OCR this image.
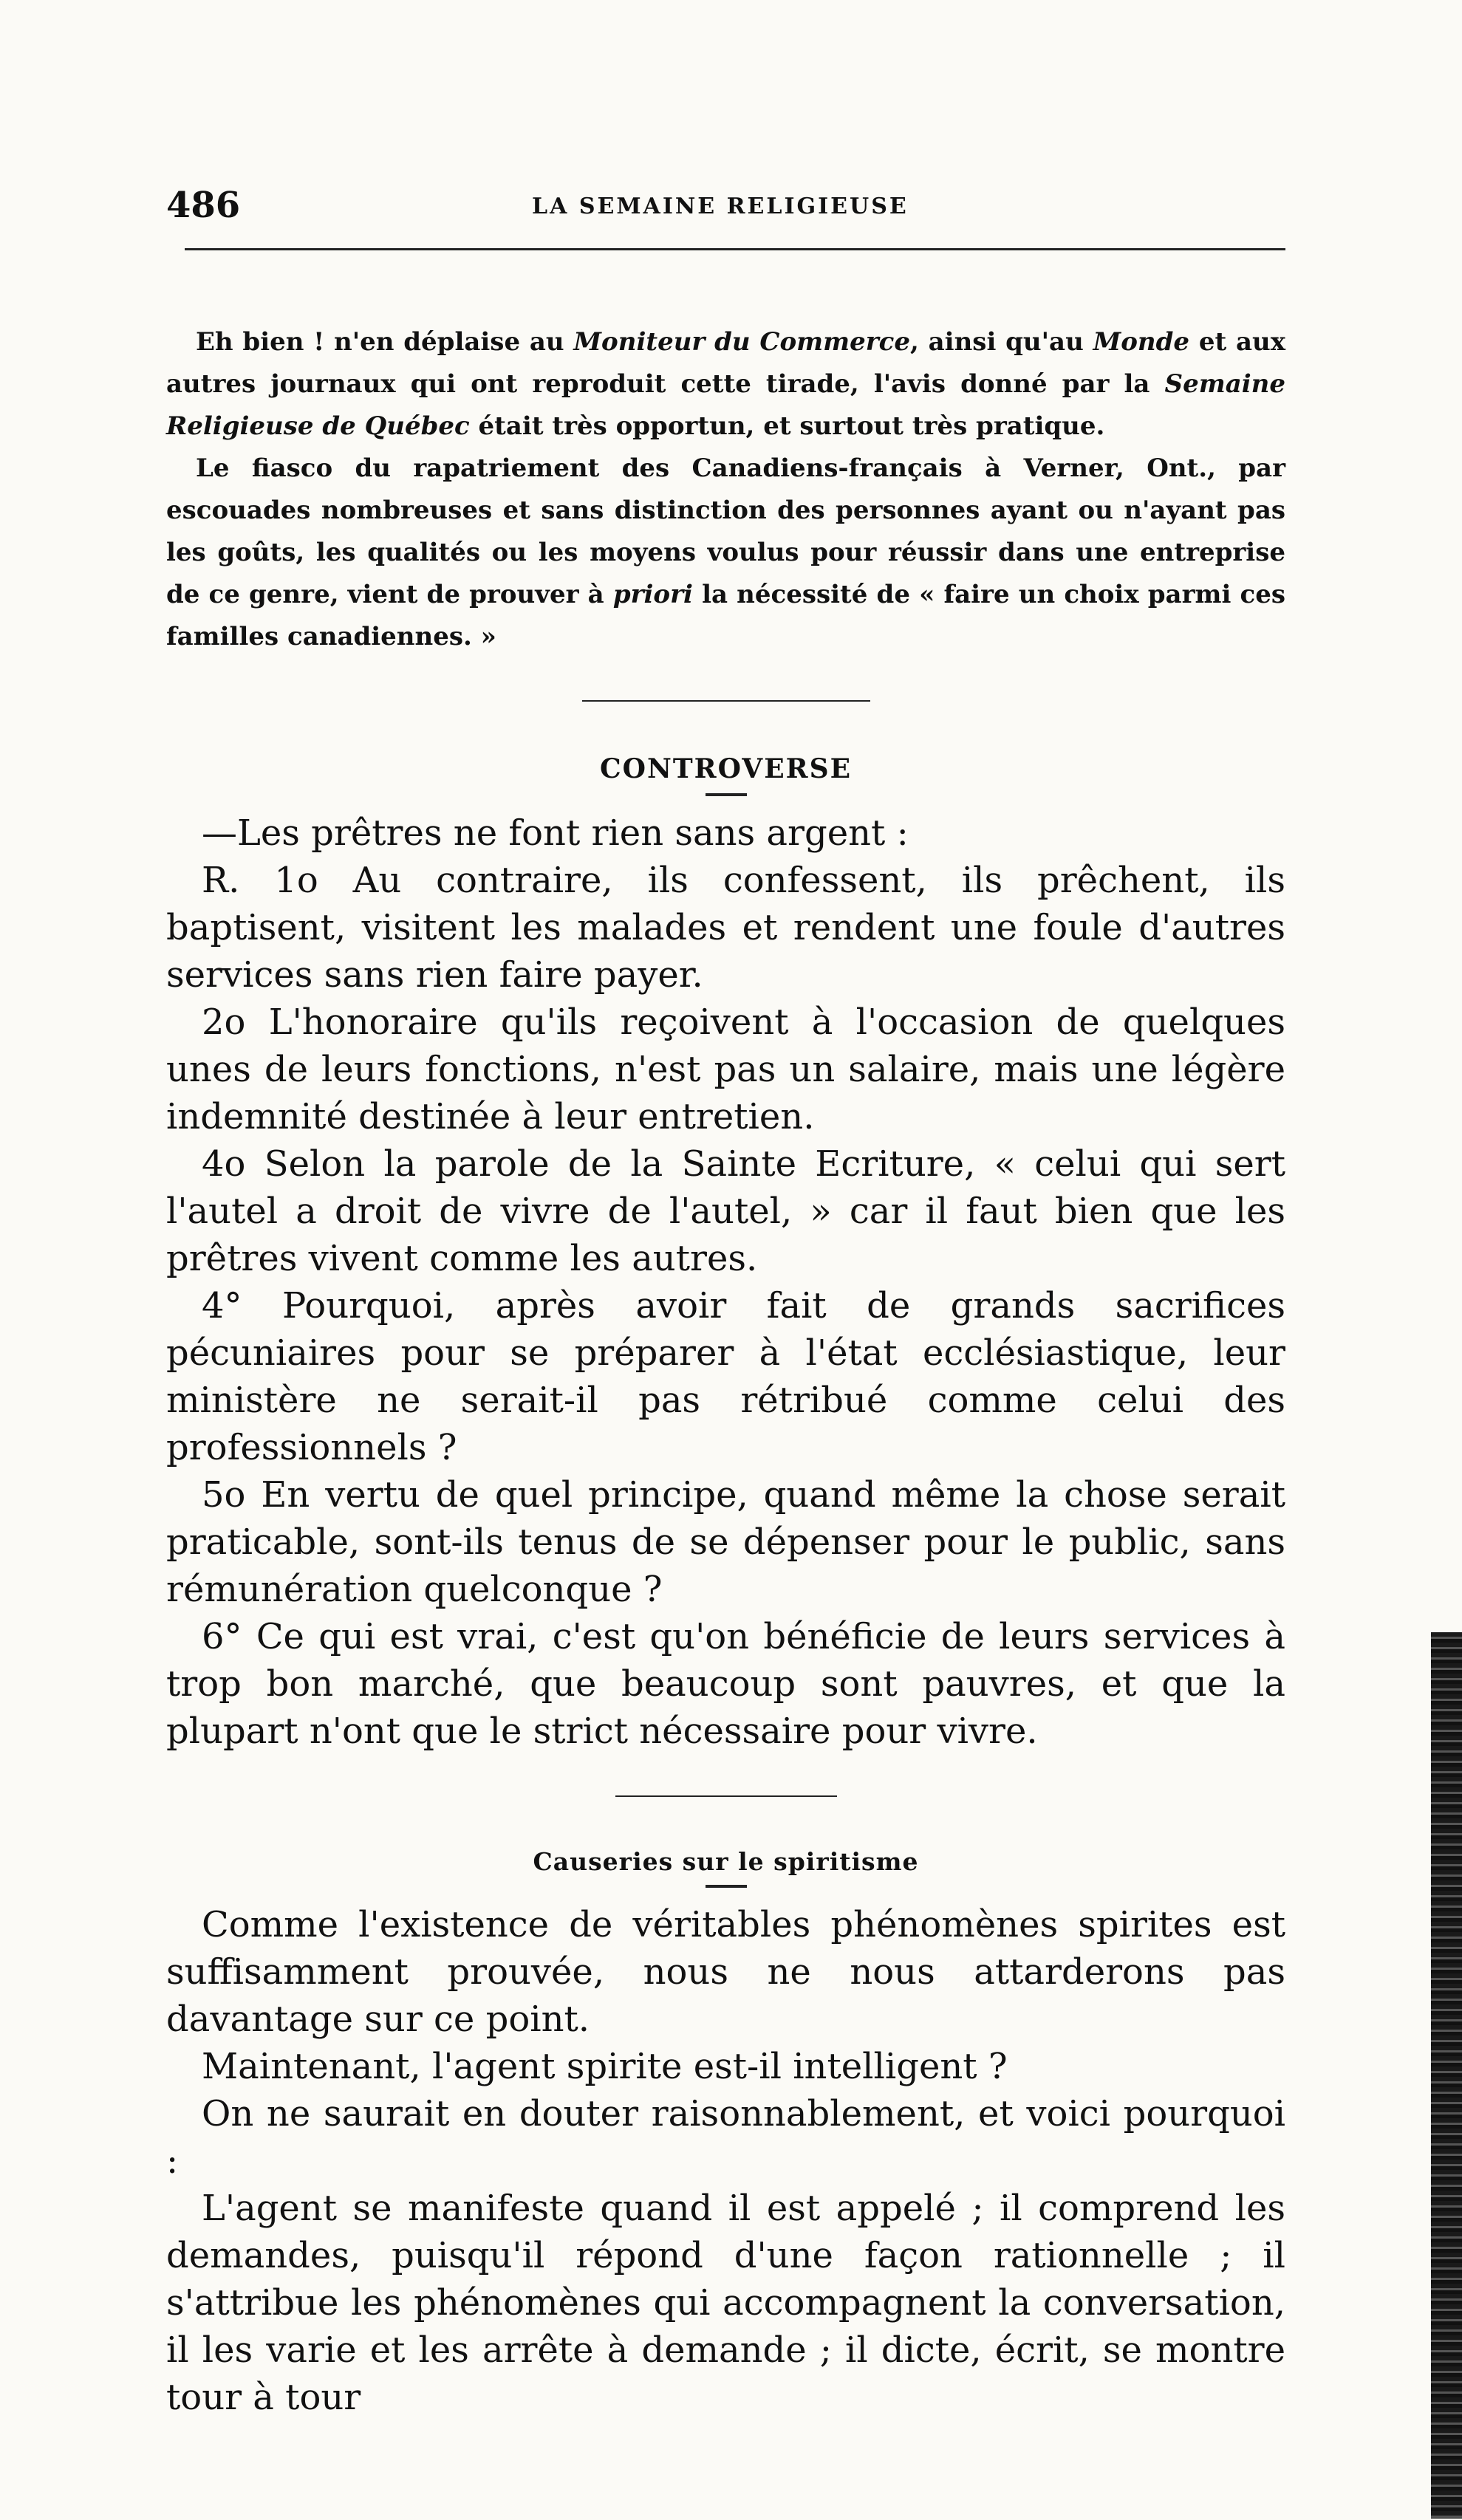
486	LA SEMAINE RELIGIEUSE

Eh bien ! n'en déplaise au Moniteur du Commerce, ainsi qu'au Monde et aux autres journaux qui ont reproduit cette tirade, l'avis donné par la Semaine Religieuse de Québec était très opportun, et surtout très pratique.

Le fiasco du rapatriement des Canadiens-français à Verner, Ont., par escouades nombreuses et sans distinction des personnes ayant ou n'ayant pas les goûts, les qualités ou les moyens voulus pour réussir dans une entreprise de ce genre, vient de prouver à priori la nécessité de « faire un choix parmi ces familles canadiennes. »

CONTROVERSE

—Les prêtres ne font rien sans argent :

R. 1o Au contraire, ils confessent, ils prêchent, ils baptisent, visitent les malades et rendent une foule d'autres services sans rien faire payer.

2o L'honoraire qu'ils reçoivent à l'occasion de quelques unes de leurs fonctions, n'est pas un salaire, mais une légère indemnité destinée à leur entretien.

4o Selon la parole de la Sainte Ecriture, « celui qui sert l'autel a droit de vivre de l'autel, » car il faut bien que les prêtres vivent comme les autres.

4° Pourquoi, après avoir fait de grands sacrifices pécuniaires pour se préparer à l'état ecclésiastique, leur ministère ne serait-il pas rétribué comme celui des professionnels ?

5o En vertu de quel principe, quand même la chose serait praticable, sont-ils tenus de se dépenser pour le public, sans rémunération quelconque ?

6° Ce qui est vrai, c'est qu'on bénéficie de leurs services à trop bon marché, que beaucoup sont pauvres, et que la plupart n'ont que le strict nécessaire pour vivre.

Causeries sur le spiritisme

Comme l'existence de véritables phénomènes spirites est suffisamment prouvée, nous ne nous attarderons pas davantage sur ce point.

Maintenant, l'agent spirite est-il intelligent ?

On ne saurait en douter raisonnablement, et voici pourquoi :

L'agent se manifeste quand il est appelé ; il comprend les demandes, puisqu'il répond d'une façon rationnelle ; il s'attribue les phénomènes qui accompagnent la conversation, il les varie et les arrête à demande ; il dicte, écrit, se montre tour à tour
